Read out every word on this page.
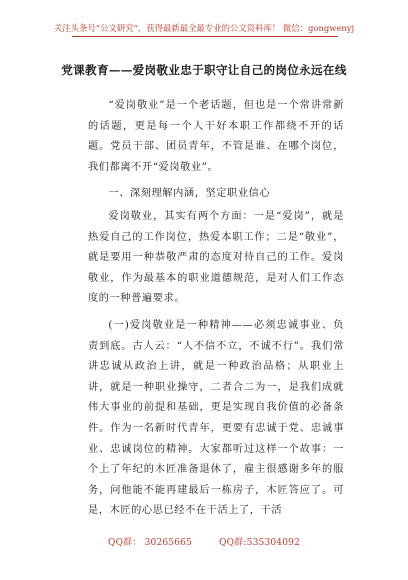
关注头条号“公文研究”，获得最新最全最专业的公文资料库！ 微信：gongwenyj
党课教育——爱岗敬业忠于职守让自己的岗位永远在线

“爱岗敬业”是一个老话题，但也是一个常讲常新的话题，更是每一个人干好本职工作都绕不开的话题。党员干部、团员青年，不管是谁、在哪个岗位，我们都离不开“爱岗敬业”。

一、深刻理解内涵，坚定职业信心

爱岗敬业，其实有两个方面：一是“爱岗”，就是热爱自己的工作岗位，热爱本职工作；二是“敬业”，就是要用一种恭敬严肃的态度对待自己的工作。爱岗敬业，作为最基本的职业道德规范，是对人们工作态度的一种普遍要求。

(一)爱岗敬业是一种精神——必须忠诚事业、负责到底。古人云：“人不信不立，不诚不行”。我们常讲忠诚从政治上讲，就是一种政治品格；从职业上讲，就是一种职业操守，二者合二为一，是我们成就伟大事业的前提和基础，更是实现自我价值的必备条件。作为一名新时代青年，更要有忠诚于党、忠诚事业、忠诚岗位的精神。大家都听过这样一个故事：一个上了年纪的木匠准备退休了，雇主很感谢多年的服务，问他能不能再建最后一栋房子，木匠答应了。可是，木匠的心思已经不在干活上了，干活

QQ群： 30265665	QQ群:535304092
